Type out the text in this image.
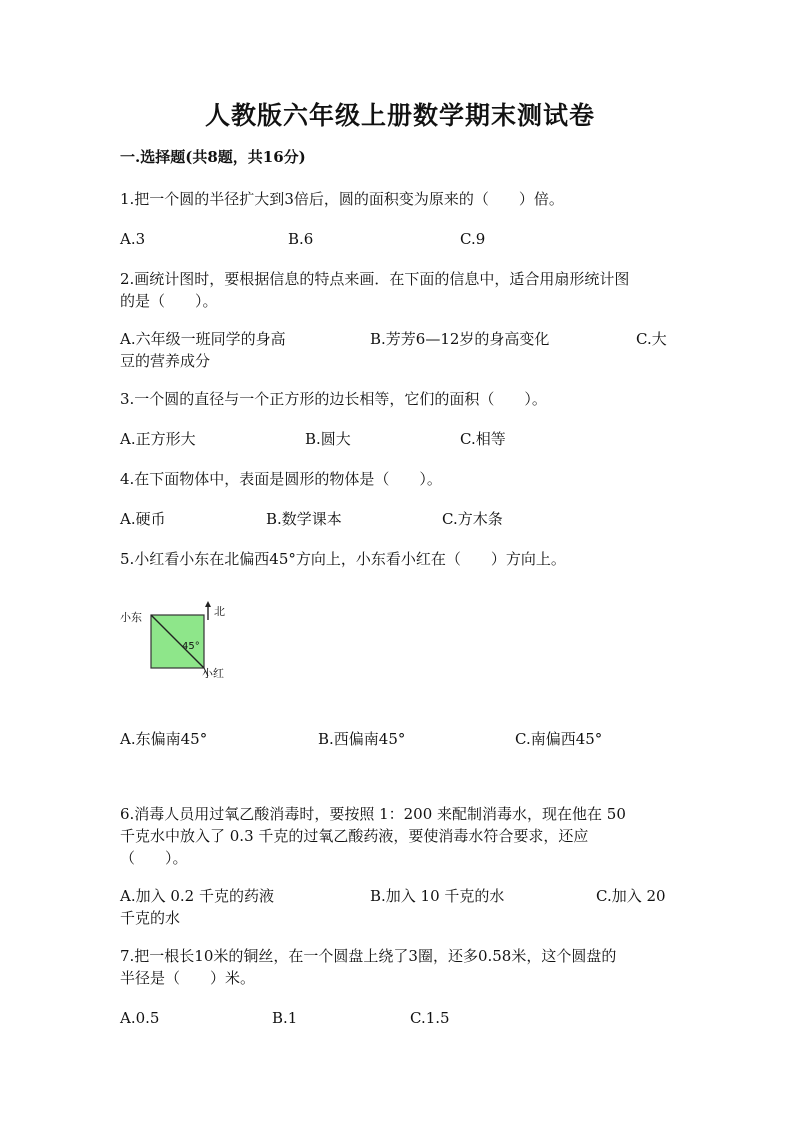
人教版六年级上册数学期末测试卷
一.选择题(共8题，共16分)
1.把一个圆的半径扩大到3倍后，圆的面积变为原来的（　　）倍。
A.3	B.6	C.9
2.画统计图时，要根据信息的特点来画．在下面的信息中，适合用扇形统计图
的是（　　）。
A.六年级一班同学的身高	B.芳芳6—12岁的身高变化	C.大
豆的营养成分
3.一个圆的直径与一个正方形的边长相等，它们的面积（　　）。
A.正方形大	B.圆大	C.相等
4.在下面物体中，表面是圆形的物体是（　　）。
A.硬币	B.数学课本	C.方木条
5.小红看小东在北偏西45°方向上，小东看小红在（　　）方向上。
小东	北
45°
小红
A.东偏南45°	B.西偏南45°	C.南偏西45°
6.消毒人员用过氧乙酸消毒时，要按照 1：200 来配制消毒水，现在他在 50
千克水中放入了 0.3 千克的过氧乙酸药液，要使消毒水符合要求，还应
（　　）。
A.加入 0.2 千克的药液	B.加入 10 千克的水	C.加入 20
千克的水
7.把一根长10米的铜丝，在一个圆盘上绕了3圈，还多0.58米，这个圆盘的
半径是（　　）米。
A.0.5	B.1	C.1.5
